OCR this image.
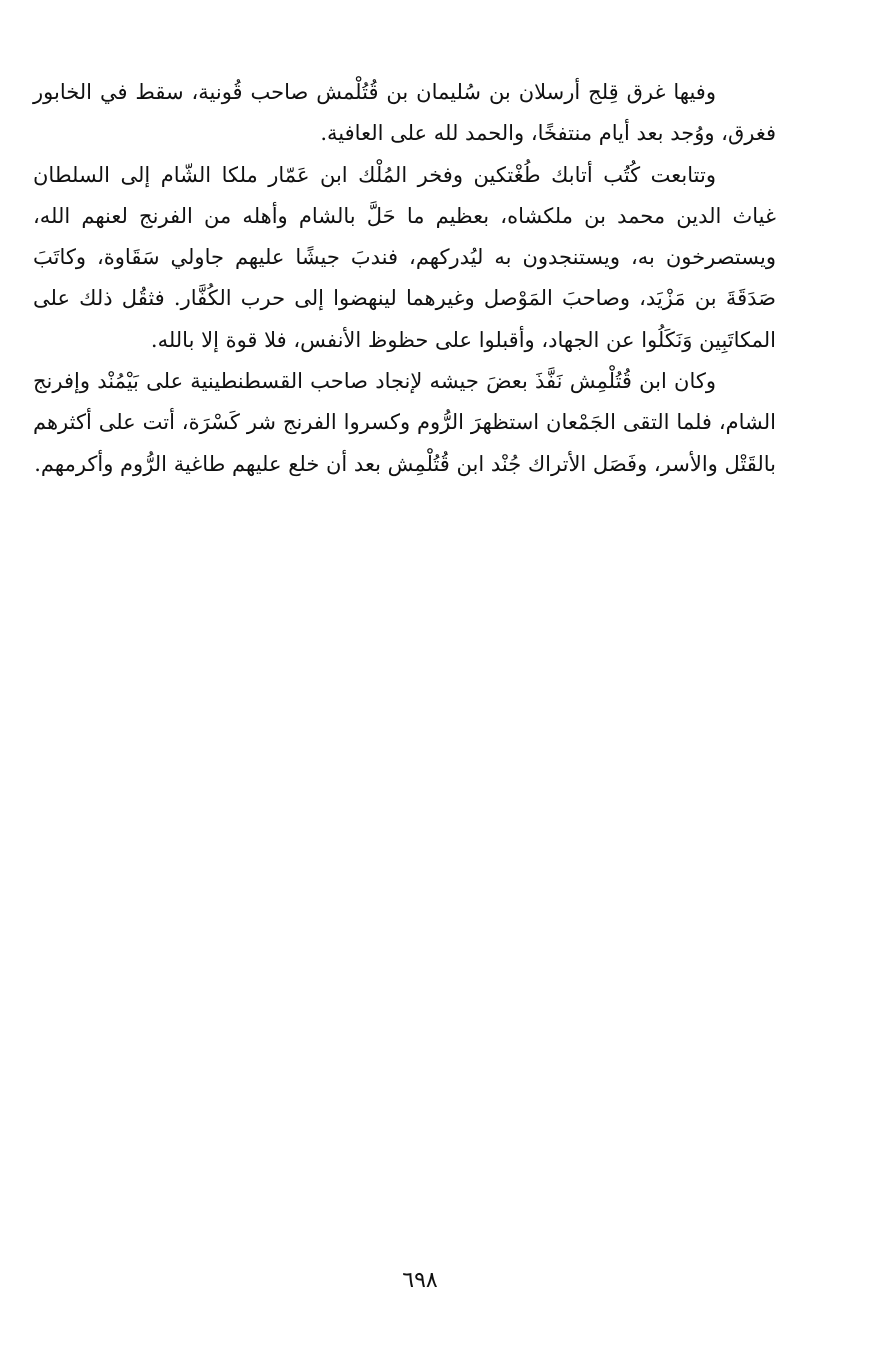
وفيها غرق قِلج أرسلان بن سُليمان بن قُتُلْمش صاحب قُونية، سقط في الخابور فغرق، ووُجد بعد أيام منتفخًا، والحمد لله على العافية.

وتتابعت كُتُب أتابك طُغْتكين وفخر المُلْك ابن عَمّار ملكا الشّام إلى السلطان غياث الدين محمد بن ملكشاه، بعظيم ما حَلَّ بالشام وأهله من الفرنج لعنهم الله، ويستصرخون به، ويستنجدون به ليُدركهم، فندبَ جيشًا عليهم جاولي سَقَاوة، وكاتَبَ صَدَقَةَ بن مَزْيَد، وصاحبَ المَوْصل وغيرهما لينهضوا إلى حرب الكُفَّار. فثقُل ذلك على المكاتَبِين وَنَكَلُوا عن الجهاد، وأقبلوا على حظوظ الأنفس، فلا قوة إلا بالله.

وكان ابن قُتُلْمِش نَفَّذَ بعضَ جيشه لإنجاد صاحب القسطنطينية على بَيْمُنْد وإفرنج الشام، فلما التقى الجَمْعان استظهرَ الرُّوم وكسروا الفرنج شر كَسْرَة، أتت على أكثرهم بالقَتْل والأسر، وفَصَل الأتراك جُنْد ابن قُتُلْمِش بعد أن خلع عليهم طاغية الرُّوم وأكرمهم.

٦٩٨
